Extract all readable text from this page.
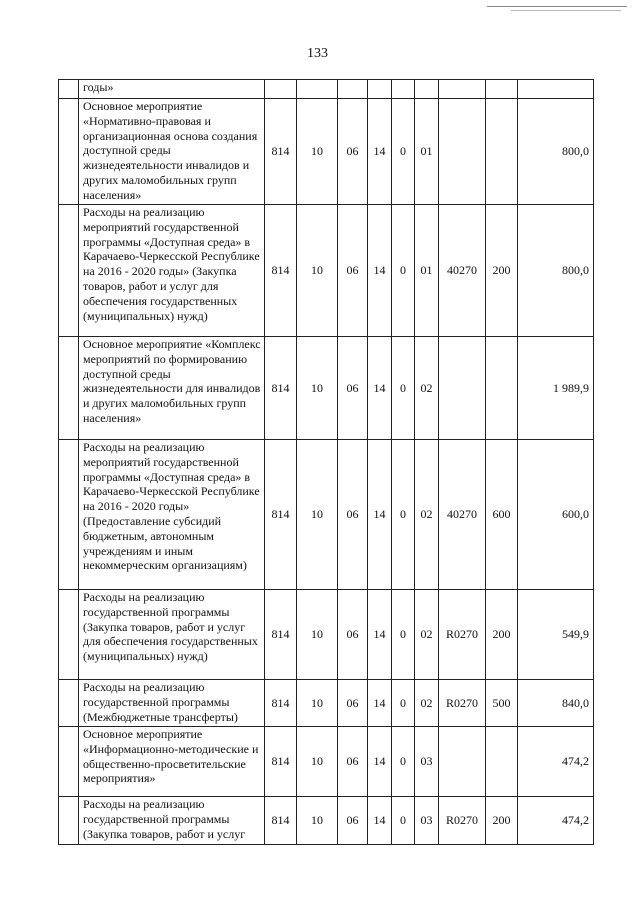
133
	годы»									
	Основное мероприятие «Нормативно-правовая и организационная основа создания доступной среды жизнедеятельности инвалидов и других маломобильных групп населения»	814	10	06	14	0	01			800,0
	Расходы на реализацию мероприятий государственной программы «Доступная среда» в Карачаево-Черкесской Республике на 2016 - 2020 годы» (Закупка товаров, работ и услуг для обеспечения государственных (муниципальных) нужд)	814	10	06	14	0	01	40270	200	800,0
	Основное мероприятие «Комплекс мероприятий по формированию доступной среды жизнедеятельности для инвалидов и других маломобильных групп населения»	814	10	06	14	0	02			1 989,9
	Расходы на реализацию мероприятий государственной программы «Доступная среда» в Карачаево-Черкесской Республике на 2016 - 2020 годы» (Предоставление субсидий бюджетным, автономным учреждениям и иным некоммерческим организациям)	814	10	06	14	0	02	40270	600	600,0
	Расходы на реализацию государственной программы (Закупка товаров, работ и услуг для обеспечения государственных (муниципальных) нужд)	814	10	06	14	0	02	R0270	200	549,9
	Расходы на реализацию государственной программы (Межбюджетные трансферты)	814	10	06	14	0	02	R0270	500	840,0
	Основное мероприятие «Информационно-методические и общественно-просветительские мероприятия»	814	10	06	14	0	03			474,2
	Расходы на реализацию государственной программы (Закупка товаров, работ и услуг	814	10	06	14	0	03	R0270	200	474,2
